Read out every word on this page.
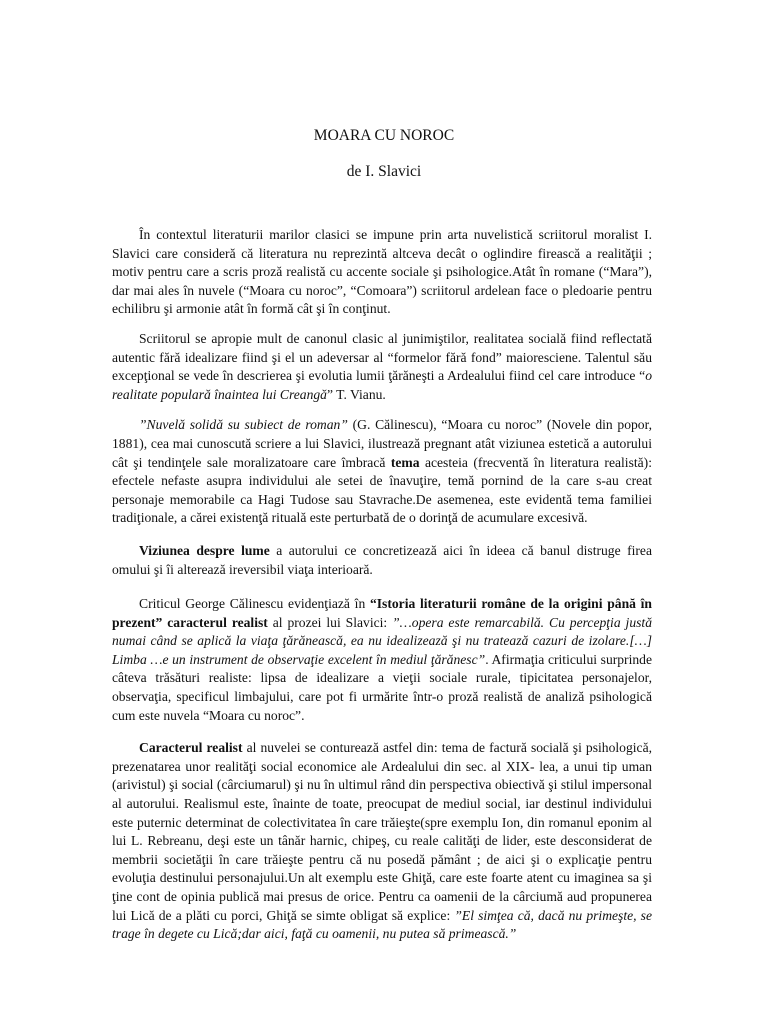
MOARA CU NOROC
de I. Slavici

În contextul literaturii marilor clasici se impune prin arta nuvelistică scriitorul moralist I. Slavici care consideră că literatura nu reprezintă altceva decât o oglindire firească a realităţii ; motiv pentru care a scris proză realistă cu accente sociale şi psihologice.Atât în romane (“Mara”), dar mai ales în nuvele (“Moara cu noroc”, “Comoara”) scriitorul ardelean face o pledoarie pentru echilibru şi armonie atât în formă cât şi în conţinut.

Scriitorul se apropie mult de canonul clasic al junimiştilor, realitatea socială fiind reflectată autentic fără idealizare fiind şi el un adeversar al “formelor fără fond” maioresciene. Talentul său excepţional se vede în descrierea şi evolutia lumii ţărăneşti a Ardealului fiind cel care introduce “o realitate populară înaintea lui Creangă” T. Vianu.

”Nuvelă solidă su subiect de roman” (G. Călinescu), “Moara cu noroc” (Novele din popor, 1881), cea mai cunoscută scriere a lui Slavici, ilustrează pregnant atât viziunea estetică a autorului cât şi tendinţele sale moralizatoare care îmbracă tema acesteia (frecventă în literatura realistă): efectele nefaste asupra individului ale setei de înavuţire, temă pornind de la care s-au creat personaje memorabile ca Hagi Tudose sau Stavrache.De asemenea, este evidentă tema familiei tradiţionale, a cărei existenţă rituală este perturbată de o dorinţă de acumulare excesivă.

Viziunea despre lume a autorului ce concretizează aici în ideea că banul distruge firea omului şi îi alterează ireversibil viaţa interioară.

Criticul George Călinescu evidenţiază în “Istoria literaturii române de la origini până în prezent” caracterul realist al prozei lui Slavici: ”…opera este remarcabilă. Cu percepţia justă numai când se aplică la viaţa ţărănească, ea nu idealizează şi nu tratează cazuri de izolare.[…] Limba …e un instrument de observaţie excelent în mediul ţărănesc”. Afirmaţia criticului surprinde câteva trăsături realiste: lipsa de idealizare a vieţii sociale rurale, tipicitatea personajelor, observaţia, specificul limbajului, care pot fi urmărite într-o proză realistă de analiză psihologică cum este nuvela “Moara cu noroc”.

Caracterul realist al nuvelei se conturează astfel din: tema de factură socială şi psihologică, prezenatarea unor realităţi social economice ale Ardealului din sec. al XIX- lea, a unui tip uman (arivistul) şi social (cârciumarul) şi nu în ultimul rând din perspectiva obiectivă şi stilul impersonal al autorului. Realismul este, înainte de toate, preocupat de mediul social, iar destinul individului este puternic determinat de colectivitatea în care trăieşte(spre exemplu Ion, din romanul eponim al lui L. Rebreanu, deşi este un tânăr harnic, chipeş, cu reale calităţi de lider, este desconsiderat de membrii societăţii în care trăieşte pentru că nu posedă pământ ; de aici şi o explicaţie pentru evoluţia destinului personajului.Un alt exemplu este Ghiţă, care este foarte atent cu imaginea sa şi ţine cont de opinia publică mai presus de orice. Pentru ca oamenii de la cârciumă aud propunerea lui Lică de a plăti cu porci, Ghiţă se simte obligat să explice: ”El simţea că, dacă nu primeşte, se trage în degete cu Lică;dar aici, faţă cu oamenii, nu putea să primească.”
